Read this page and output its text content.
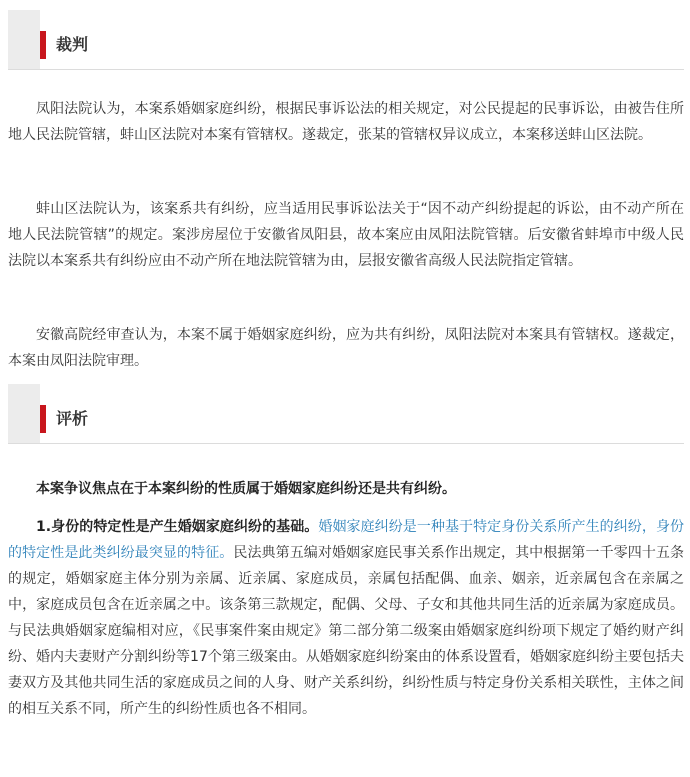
裁判

凤阳法院认为，本案系婚姻家庭纠纷，根据民事诉讼法的相关规定，对公民提起的民事诉讼，由被告住所地人民法院管辖，蚌山区法院对本案有管辖权。遂裁定，张某的管辖权异议成立，本案移送蚌山区法院。

蚌山区法院认为，该案系共有纠纷，应当适用民事诉讼法关于“因不动产纠纷提起的诉讼，由不动产所在地人民法院管辖”的规定。案涉房屋位于安徽省凤阳县，故本案应由凤阳法院管辖。后安徽省蚌埠市中级人民法院以本案系共有纠纷应由不动产所在地法院管辖为由，层报安徽省高级人民法院指定管辖。

安徽高院经审查认为，本案不属于婚姻家庭纠纷，应为共有纠纷，凤阳法院对本案具有管辖权。遂裁定，本案由凤阳法院审理。

评析

本案争议焦点在于本案纠纷的性质属于婚姻家庭纠纷还是共有纠纷。

1.身份的特定性是产生婚姻家庭纠纷的基础。婚姻家庭纠纷是一种基于特定身份关系所产生的纠纷，身份的特定性是此类纠纷最突显的特征。民法典第五编对婚姻家庭民事关系作出规定，其中根据第一千零四十五条的规定，婚姻家庭主体分别为亲属、近亲属、家庭成员，亲属包括配偶、血亲、姻亲，近亲属包含在亲属之中，家庭成员包含在近亲属之中。该条第三款规定，配偶、父母、子女和其他共同生活的近亲属为家庭成员。与民法典婚姻家庭编相对应，《民事案件案由规定》第二部分第二级案由婚姻家庭纠纷项下规定了婚约财产纠纷、婚内夫妻财产分割纠纷等17个第三级案由。从婚姻家庭纠纷案由的体系设置看，婚姻家庭纠纷主要包括夫妻双方及其他共同生活的家庭成员之间的人身、财产关系纠纷，纠纷性质与特定身份关系相关联性，主体之间的相互关系不同，所产生的纠纷性质也各不相同。
